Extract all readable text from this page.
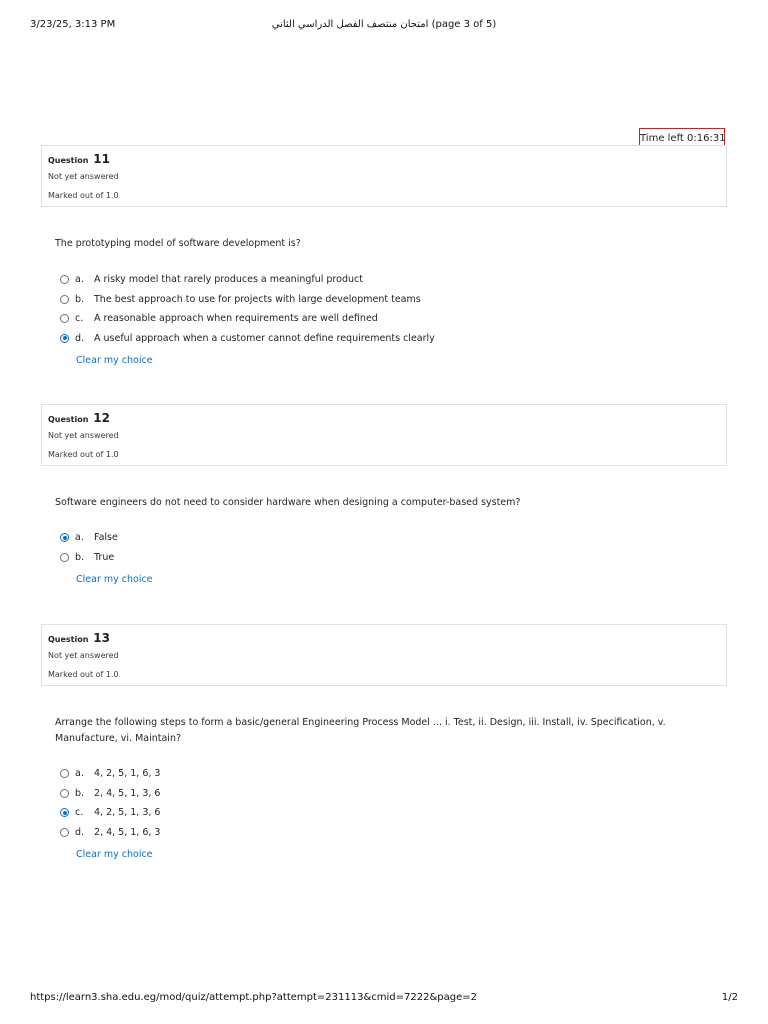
3/23/25, 3:13 PM	امتحان منتصف الفصل الدراسي الثاني (page 3 of 5)
Time left 0:16:31
Question 11
Not yet answered
Marked out of 1.0
The prototyping model of software development is?
a.	A risky model that rarely produces a meaningful product
b.	The best approach to use for projects with large development teams
c.	A reasonable approach when requirements are well defined
d.	A useful approach when a customer cannot define requirements clearly
Clear my choice
Question 12
Not yet answered
Marked out of 1.0
Software engineers do not need to consider hardware when designing a computer-based system?
a.	False
b.	True
Clear my choice
Question 13
Not yet answered
Marked out of 1.0
Arrange the following steps to form a basic/general Engineering Process Model ... i. Test, ii. Design, iii. Install, iv. Specification, v. Manufacture, vi. Maintain?
a.	4, 2, 5, 1, 6, 3
b.	2, 4, 5, 1, 3, 6
c.	4, 2, 5, 1, 3, 6
d.	2, 4, 5, 1, 6, 3
Clear my choice
https://learn3.sha.edu.eg/mod/quiz/attempt.php?attempt=231113&cmid=7222&page=2	1/2
